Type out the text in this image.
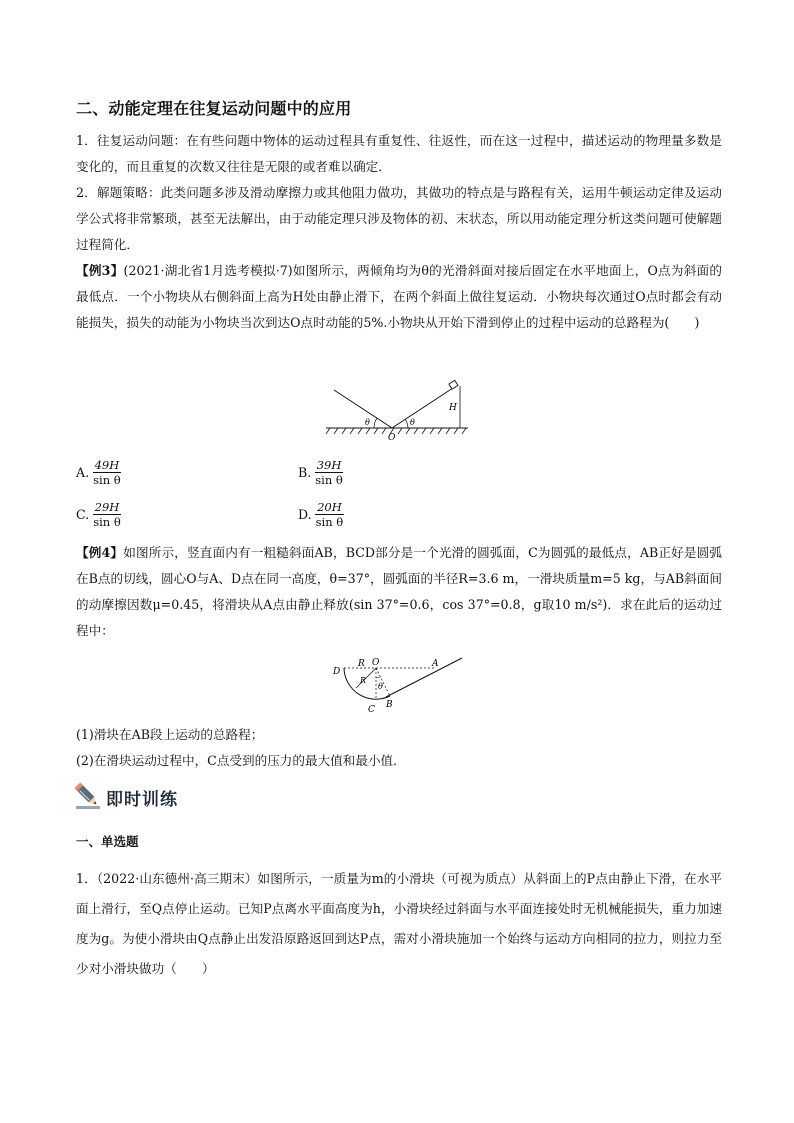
二、动能定理在往复运动问题中的应用
1．往复运动问题：在有些问题中物体的运动过程具有重复性、往返性，而在这一过程中，描述运动的物理量多数是变化的，而且重复的次数又往往是无限的或者难以确定．
2．解题策略：此类问题多涉及滑动摩擦力或其他阻力做功，其做功的特点是与路程有关，运用牛顿运动定律及运动学公式将非常繁琐，甚至无法解出，由于动能定理只涉及物体的初、末状态，所以用动能定理分析这类问题可使解题过程简化．
【例3】(2021·湖北省1月选考模拟·7)如图所示，两倾角均为θ的光滑斜面对接后固定在水平地面上，O点为斜面的最低点．一个小物块从右侧斜面上高为H处由静止滑下，在两个斜面上做往复运动．小物块每次通过O点时都会有动能损失，损失的动能为小物块当次到达O点时动能的5%.小物块从开始下滑到停止的过程中运动的总路程为(　　)
θ	θ
O
H
A. $\frac{49H}{\text{sin θ}}$	B. $\frac{39H}{\text{sin θ}}$
C. $\frac{29H}{\text{sin θ}}$	D. $\frac{20H}{\text{sin θ}}$
【例4】如图所示，竖直面内有一粗糙斜面AB，BCD部分是一个光滑的圆弧面，C为圆弧的最低点，AB正好是圆弧在B点的切线，圆心O与A、D点在同一高度，θ=37°，圆弧面的半径R=3.6 m，一滑块质量m=5 kg，与AB斜面间的动摩擦因数μ=0.45，将滑块从A点由静止释放(sin 37°=0.6，cos 37°=0.8，g取10 m/s²)．求在此后的运动过程中：
D
R O	A
R
θ
C B
(1)滑块在AB段上运动的总路程；
(2)在滑块运动过程中，C点受到的压力的最大值和最小值．
即时训练
一、单选题
1．（2022·山东德州·高三期末）如图所示，一质量为m的小滑块（可视为质点）从斜面上的P点由静止下滑，在水平面上滑行，至Q点停止运动。已知P点离水平面高度为h，小滑块经过斜面与水平面连接处时无机械能损失，重力加速度为g。为使小滑块由Q点静止出发沿原路返回到达P点，需对小滑块施加一个始终与运动方向相同的拉力，则拉力至少对小滑块做功（　　）
